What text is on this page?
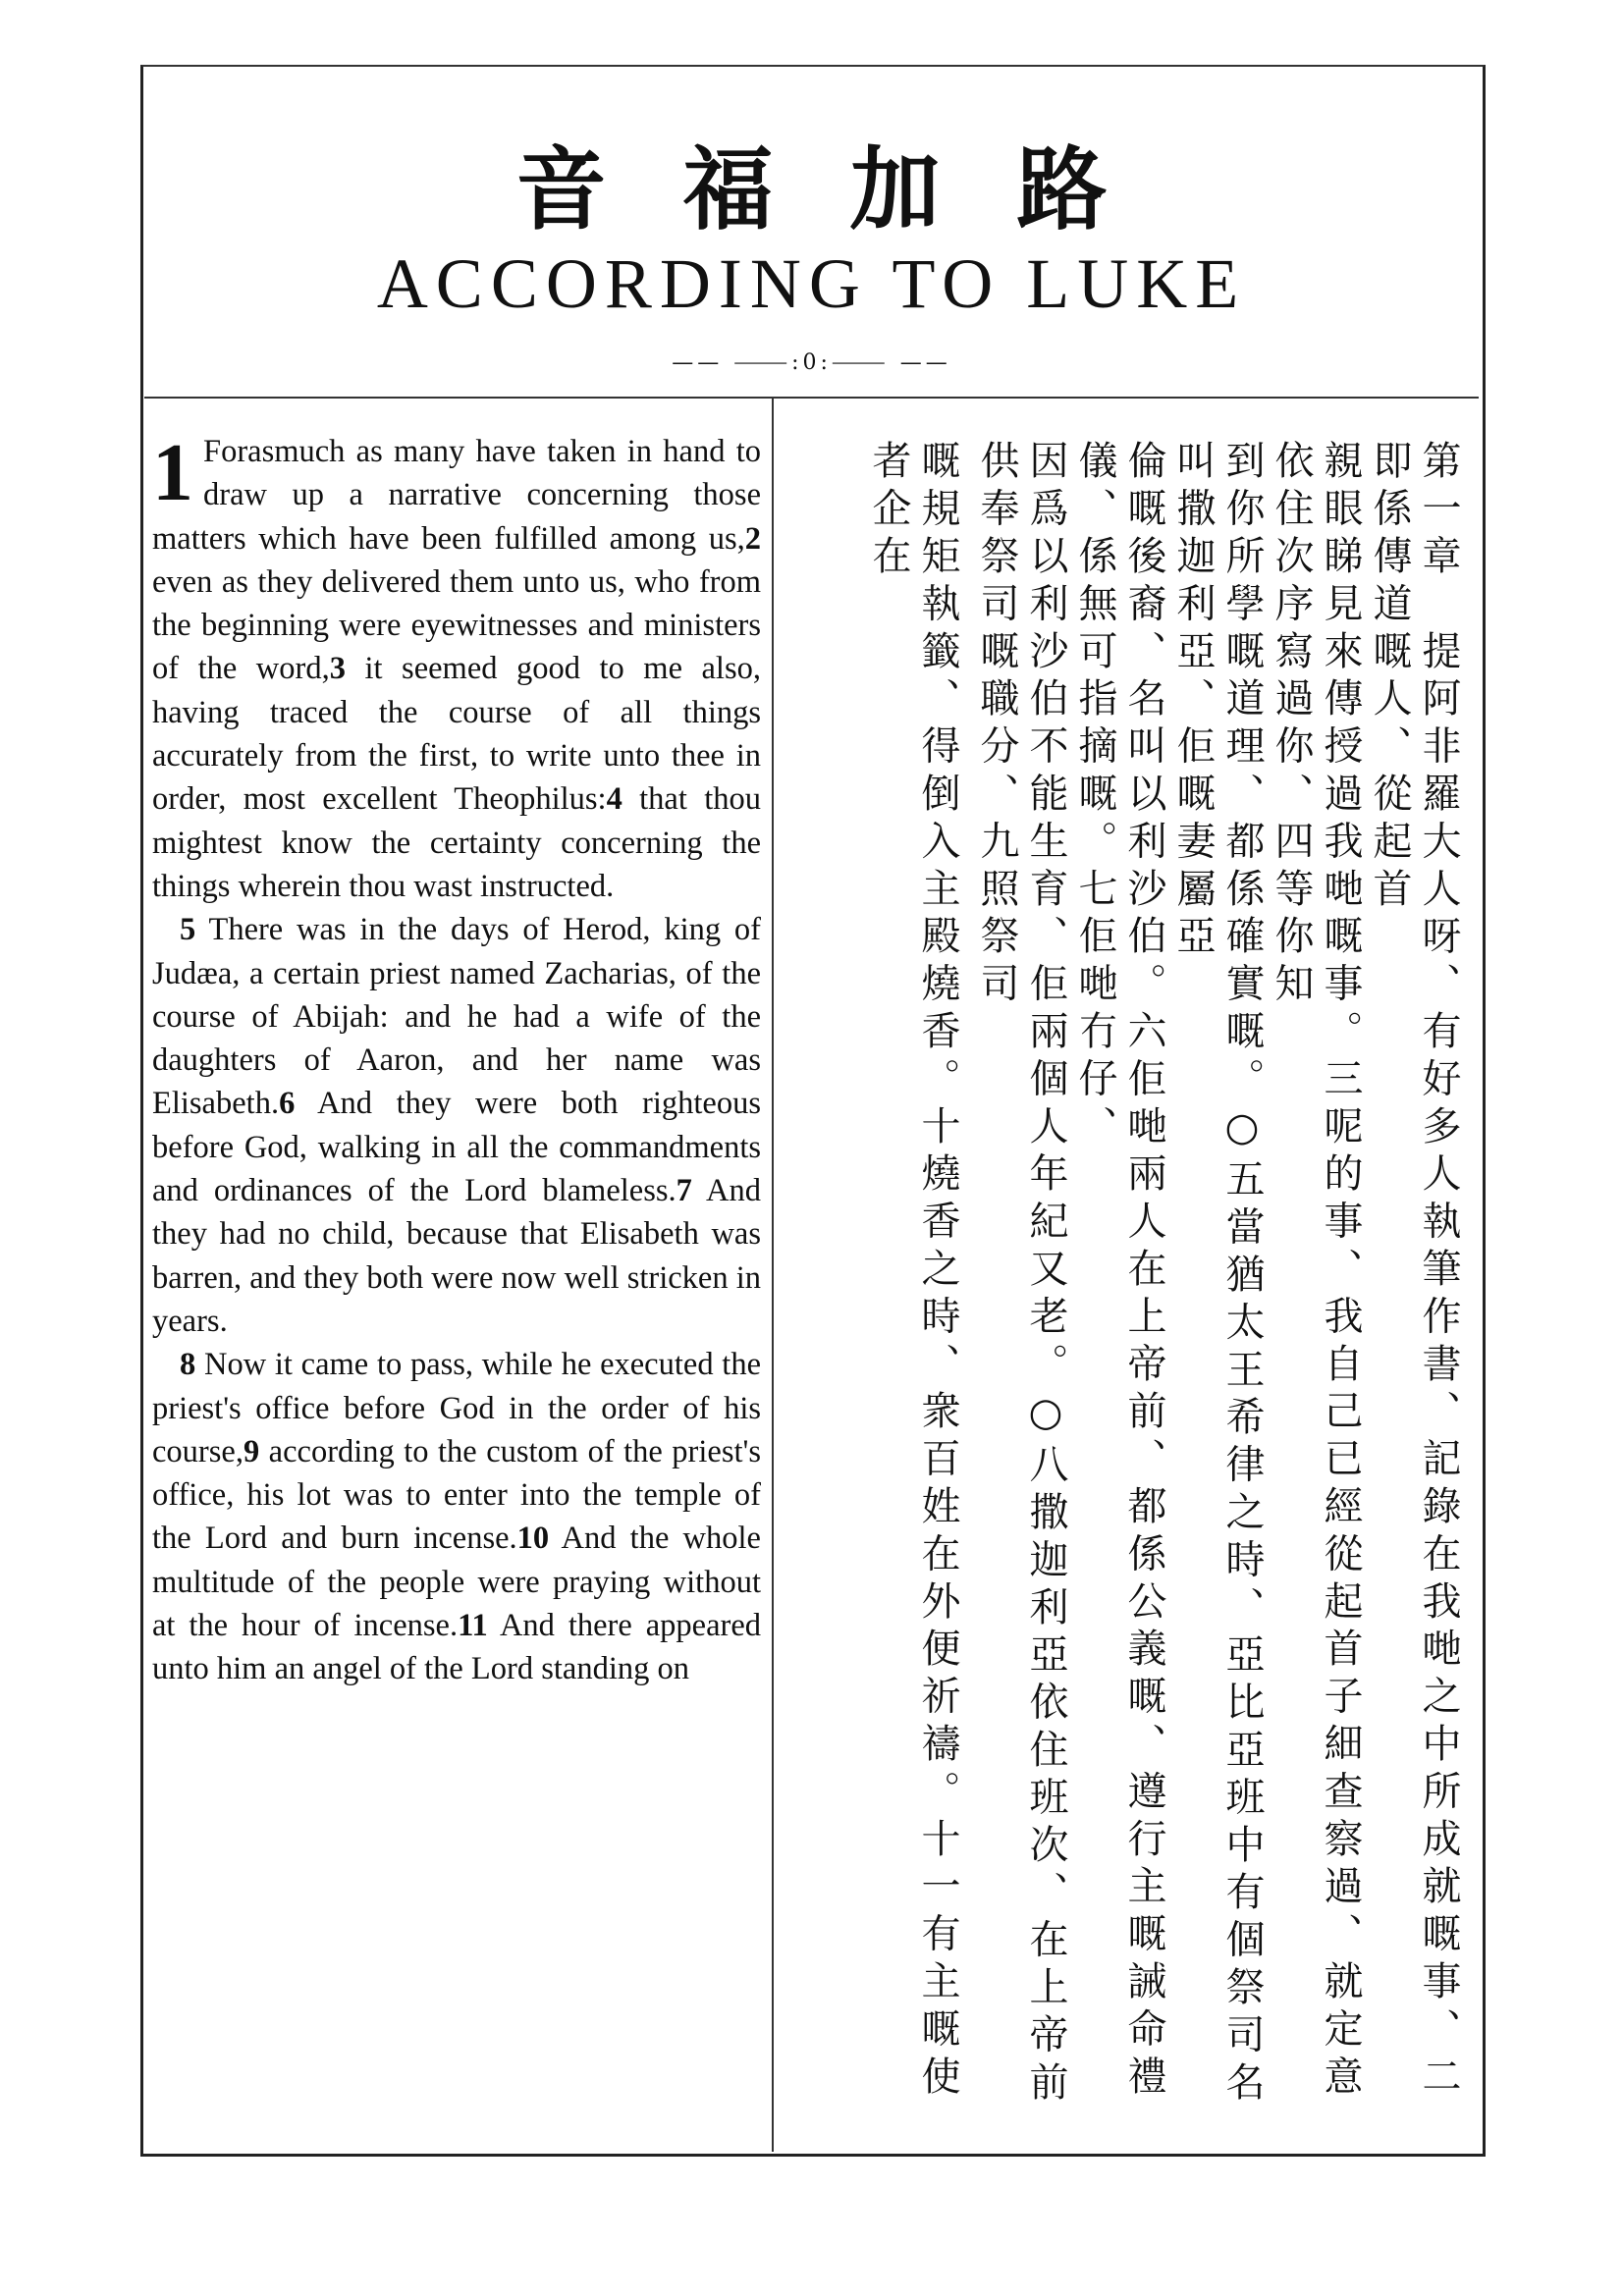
音福加路
ACCORDING TO LUKE
—— ⸻:0:⸻ ——

1 Forasmuch as many have taken in hand to draw up a narrative concerning those matters which have been fulfilled among us,2 even as they delivered them unto us, who from the beginning were eyewitnesses and ministers of the word,3 it seemed good to me also, having traced the course of all things accurately from the first, to write unto thee in order, most excellent Theophilus:4 that thou mightest know the certainty concerning the things wherein thou wast instructed.

5 There was in the days of Herod, king of Judæa, a certain priest named Zacharias, of the course of Abijah: and he had a wife of the daughters of Aaron, and her name was Elisabeth.6 And they were both righteous before God, walking in all the commandments and ordinances of the Lord blameless.7 And they had no child, because that Elisabeth was barren, and they both were now well stricken in years.

8 Now it came to pass, while he executed the priest's office before God in the order of his course,9 according to the custom of the priest's office, his lot was to enter into the temple of the Lord and burn incense.10 And the whole multitude of the people were praying without at the hour of incense.11 And there appeared unto him an angel of the Lord standing on	第一章　提阿非羅大人呀、有好多人執筆作書、記錄在我哋之中所成就嘅事、二即係傳道嘅人、從起首
親眼睇見來傳授過我哋嘅事。三呢的事、我自己已經從起首子細查察過、就定意依住次序寫過你、四等你知
到你所學嘅道理、都係確實嘅。○五當猶太王希律之時、亞比亞班中有個祭司名叫撒迦利亞、佢嘅妻屬亞
倫嘅後裔、名叫以利沙伯。六佢哋兩人在上帝前、都係公義嘅、遵行主嘅誡命禮儀、係無可指摘嘅。七佢哋冇仔、
因爲以利沙伯不能生育、佢兩個人年紀又老。○八撒迦利亞依住班次、在上帝前供奉祭司嘅職分、九照祭司
嘅規矩執籤、得倒入主殿燒香。十燒香之時、衆百姓在外便祈禱。十一有主嘅使者企在
